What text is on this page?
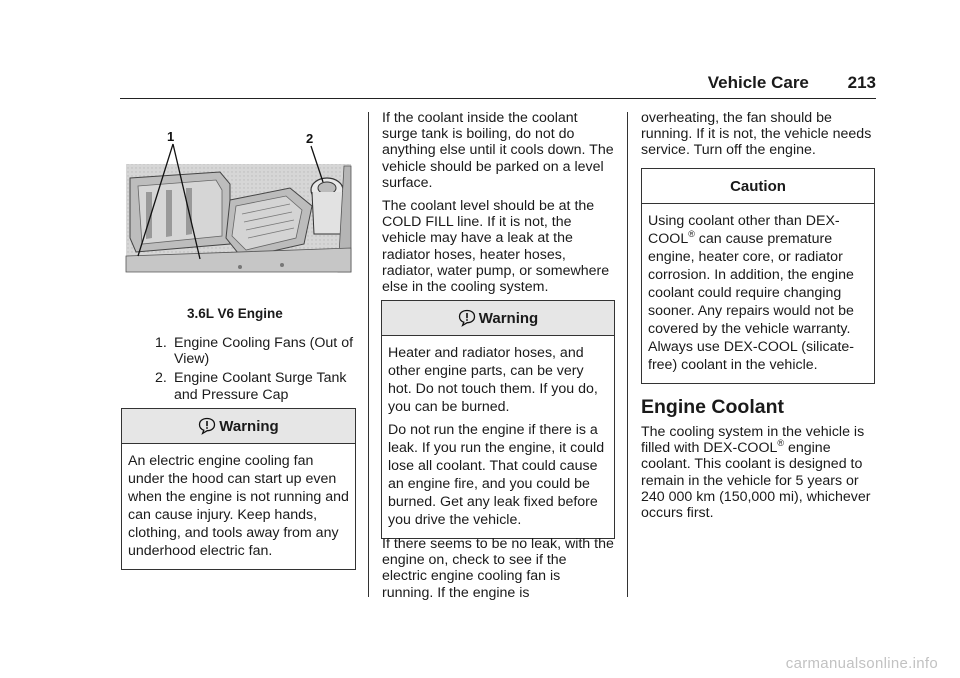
Vehicle Care 213
1	2
3.6L V6 Engine
1. Engine Cooling Fans (Out of View)
2. Engine Coolant Surge Tank and Pressure Cap
Warning

An electric engine cooling fan under the hood can start up even when the engine is not running and can cause injury. Keep hands, clothing, and tools away from any underhood electric fan.

If the coolant inside the coolant surge tank is boiling, do not do anything else until it cools down. The vehicle should be parked on a level surface.

The coolant level should be at the COLD FILL line. If it is not, the vehicle may have a leak at the radiator hoses, heater hoses, radiator, water pump, or somewhere else in the cooling system.

Warning

Heater and radiator hoses, and other engine parts, can be very hot. Do not touch them. If you do, you can be burned.

Do not run the engine if there is a leak. If you run the engine, it could lose all coolant. That could cause an engine fire, and you could be burned. Get any leak fixed before you drive the vehicle.

If there seems to be no leak, with the engine on, check to see if the electric engine cooling fan is running. If the engine is

overheating, the fan should be running. If it is not, the vehicle needs service. Turn off the engine.

Caution

Using coolant other than DEX-COOL® can cause premature engine, heater core, or radiator corrosion. In addition, the engine coolant could require changing sooner. Any repairs would not be covered by the vehicle warranty. Always use DEX-COOL (silicate-free) coolant in the vehicle.

Engine Coolant

The cooling system in the vehicle is filled with DEX-COOL® engine coolant. This coolant is designed to remain in the vehicle for 5 years or 240 000 km (150,000 mi), whichever occurs first.

carmanualsonline.info
